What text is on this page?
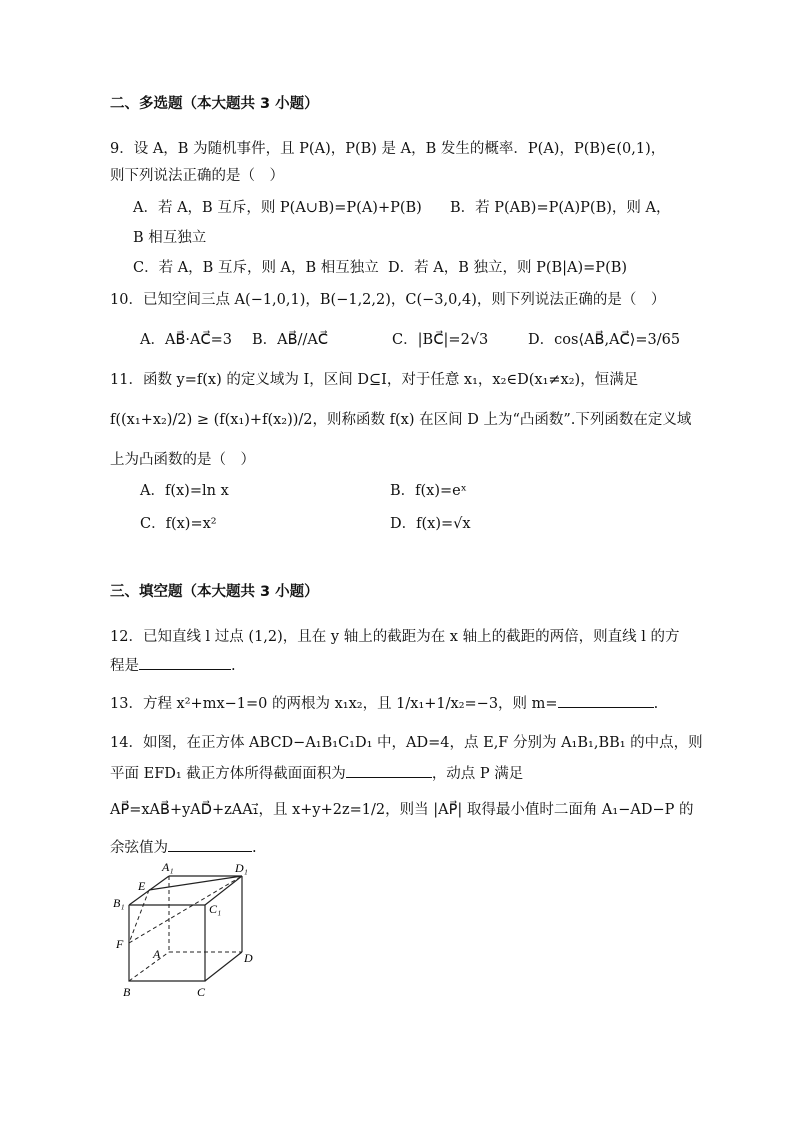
二、多选题（本大题共 3 小题）
9．设 A，B 为随机事件，且 P(A)，P(B) 是 A，B 发生的概率．P(A)，P(B)∈(0,1)，
则下列说法正确的是（　）
A．若 A，B 互斥，则 P(A∪B)=P(A)+P(B) B．若 P(AB)=P(A)P(B)，则 A，
B 相互独立
C．若 A，B 互斥，则 A，B 相互独立 D．若 A，B 独立，则 P(B|A)=P(B)
10．已知空间三点 A(−1,0,1)，B(−1,2,2)，C(−3,0,4)，则下列说法正确的是（　）
A．AB⃗·AC⃗=3 B．AB⃗//AC⃗	C．|BC⃗|=2√3	D．cos⟨AB⃗,AC⃗⟩=3/65
11．函数 y=f(x) 的定义域为 I，区间 D⊆I，对于任意 x₁，x₂∈D(x₁≠x₂)，恒满足
f((x₁+x₂)/2) ≥ (f(x₁)+f(x₂))/2，则称函数 f(x) 在区间 D 上为“凸函数”.下列函数在定义域
上为凸函数的是（　）
A．f(x)=ln x	B．f(x)=eˣ
C．f(x)=x²	D．f(x)=√x
三、填空题（本大题共 3 小题）
12．已知直线 l 过点 (1,2)，且在 y 轴上的截距为在 x 轴上的截距的两倍，则直线 l 的方
程是	.
13．方程 x²+mx−1=0 的两根为 x₁x₂，且 1/x₁+1/x₂=−3，则 m=	.
14．如图，在正方体 ABCD−A₁B₁C₁D₁ 中，AD=4，点 E,F 分别为 A₁B₁,BB₁ 的中点，则
平面 EFD₁ 截正方体所得截面面积为	，动点 P 满足
AP⃗=xAB⃗+yAD⃗+zAA₁⃗，且 x+y+2z=1/2，则当 |AP⃗| 取得最小值时二面角 A₁−AD−P 的
余弦值为	.
A₁	D₁
E
B₁	C₁
F
A	D
B	C
